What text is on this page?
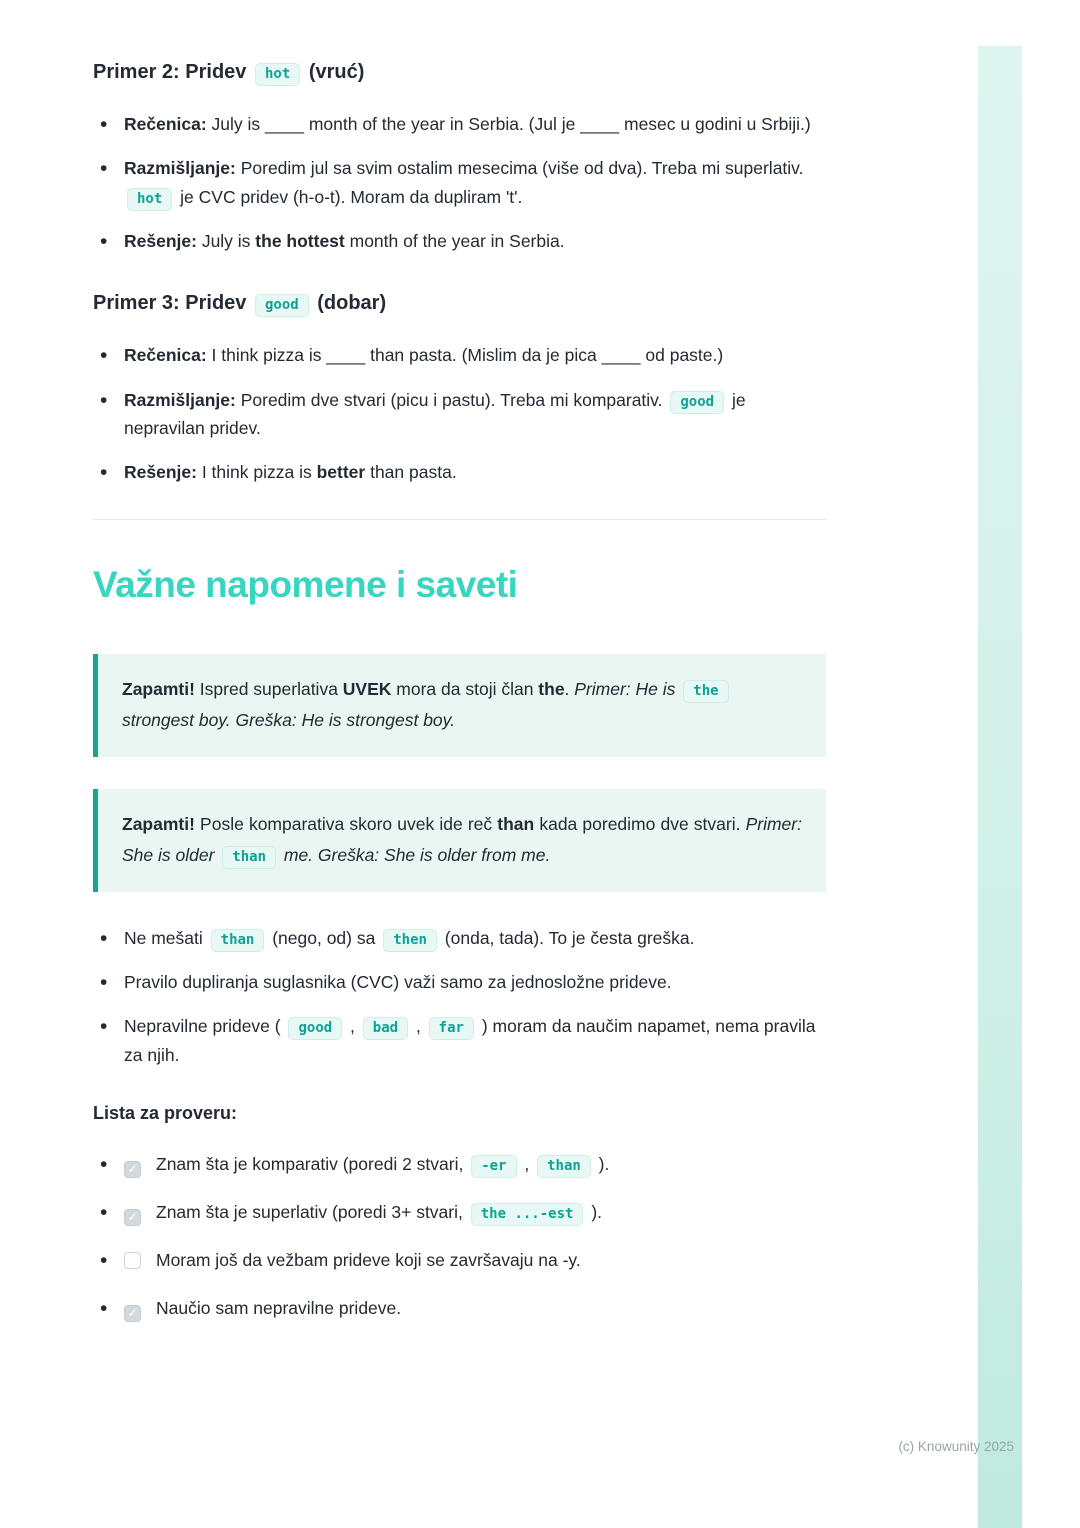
Primer 2: Pridev hot (vruć)
• Rečenica: July is ____ month of the year in Serbia. (Jul je ____ mesec u godini u Srbiji.)
• Razmišljanje: Poredim jul sa svim ostalim mesecima (više od dva). Treba mi superlativ. hot je CVC pridev (h-o-t). Moram da dupliram 't'.
• Rešenje: July is the hottest month of the year in Serbia.
Primer 3: Pridev good (dobar)
• Rečenica: I think pizza is ____ than pasta. (Mislim da je pica ____ od paste.)
• Razmišljanje: Poredim dve stvari (picu i pastu). Treba mi komparativ. good je nepravilan pridev.
• Rešenje: I think pizza is better than pasta.
Važne napomene i saveti

Zapamti! Ispred superlativa UVEK mora da stoji član the. Primer: He is the strongest boy. Greška: He is strongest boy.

Zapamti! Posle komparativa skoro uvek ide reč than kada poredimo dve stvari. Primer: She is older than me. Greška: She is older from me.

• Ne mešati than (nego, od) sa then (onda, tada). To je česta greška.
• Pravilo dupliranja suglasnika (CVC) važi samo za jednosložne prideve.
• Nepravilne prideve ( good , bad , far ) moram da naučim napamet, nema pravila za njih.

Lista za proveru:

• ✓ Znam šta je komparativ (poredi 2 stvari, -er , than ).
• ✓ Znam šta je superlativ (poredi 3+ stvari, the ...-est ).
• Moram još da vežbam prideve koji se završavaju na -y.
• ✓ Naučio sam nepravilne prideve.
(c) Knowunity 2025
